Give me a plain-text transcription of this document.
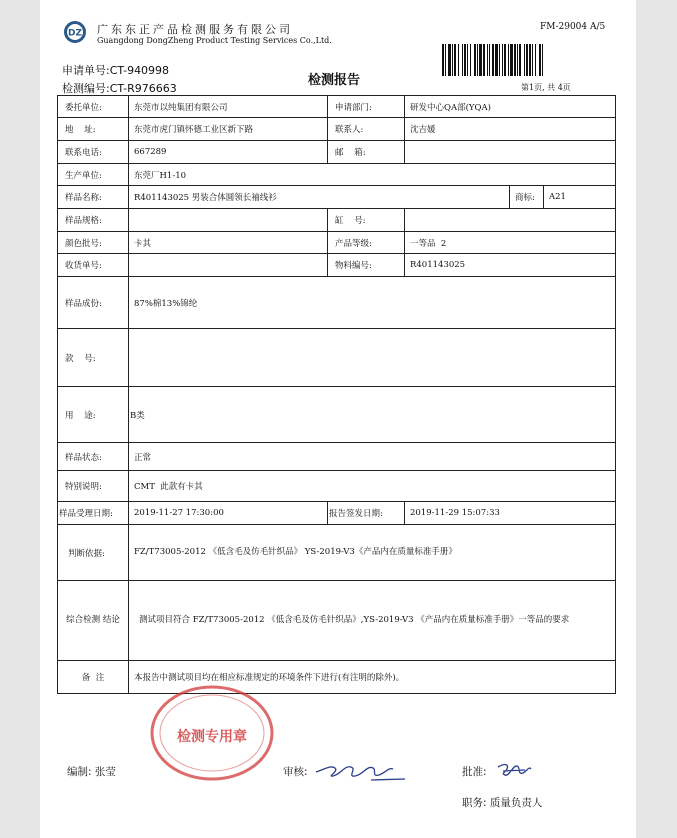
DZ 广东东正产品检测服务有限公司
Guangdong DongZheng Product Testing Services Co.,Ltd.
FM-29004 A/5
第1页, 共 4页
申请单号:CT-940998
检测编号:CT-R976663
检测报告
委托单位:	东莞市以纯集团有限公司	申请部门:	研发中心QA部(YQA)		
地    址:	东莞市虎门镇怀德工业区新下路	联系人:	沈吉媛		
联系电话:	667289	邮    箱:			
生产单位:	东莞厂H1-10				
样品名称:	R401143025 男装合体圆领长袖线衫			商标:	A21
样品规格:		缸    号:			
颜色批号:	卡其	产品等级:	一等品  2		
收货单号:		物料编号:	R401143025		
样品成份:	87%棉13%锦纶				
款    号:					
用    途:	B类				
样品状态:	正常				
特别说明:	CMT  此款有卡其				
样品受理日期:	2019-11-27 17:30:00	报告签发日期:	2019-11-29 15:07:33		
判断依据:	FZ/T73005-2012 《低含毛及仿毛针织品》 YS-2019-V3《产品内在质量标准手册》				
综合检测 结论	测试项目符合 FZ/T73005-2012 《低含毛及仿毛针织品》,YS-2019-V3 《产品内在质量标准手册》一等品的要求				
备  注	本报告中测试项目均在相应标准规定的环境条件下进行(有注明的除外)。				
检测专用章
编制: 张莹	审核:	批准:
职务: 质量负责人
